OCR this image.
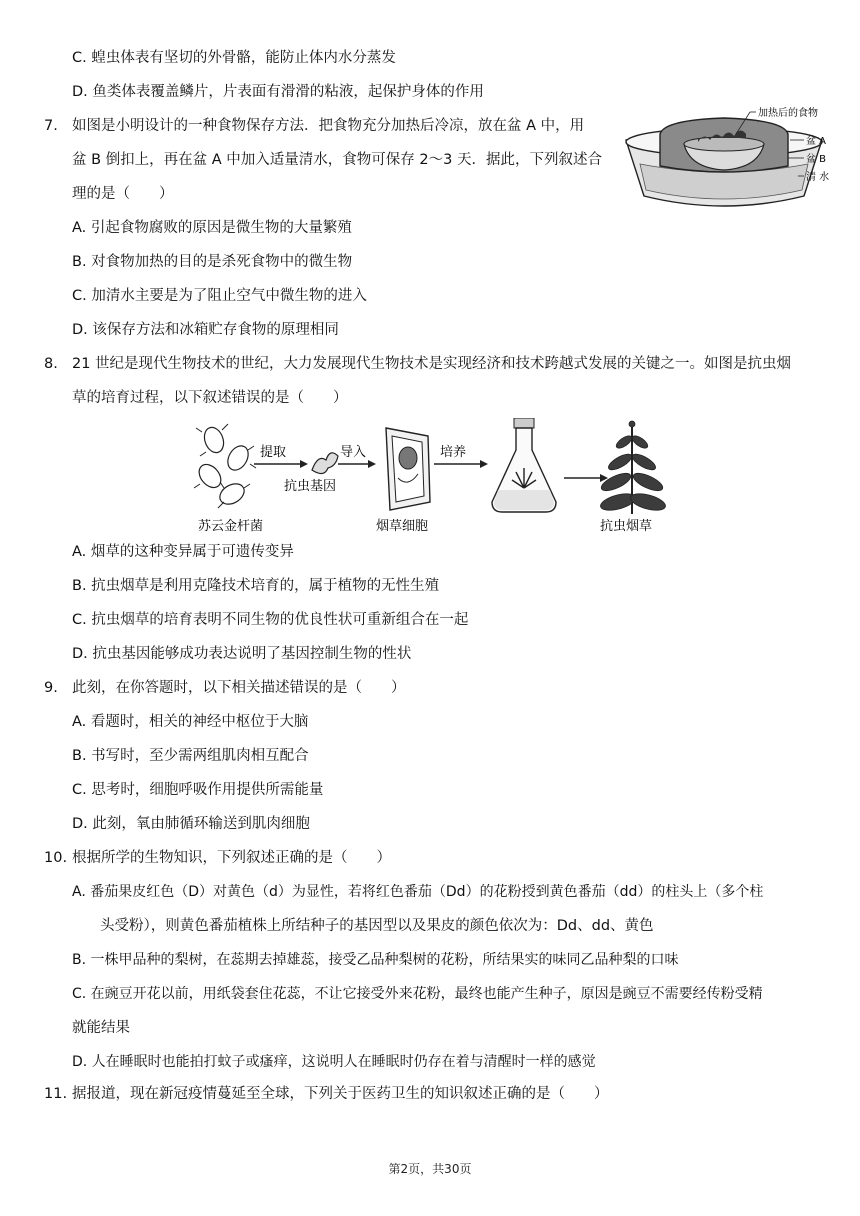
C. 蝗虫体表有坚切的外骨骼，能防止体内水分蒸发
D. 鱼类体表覆盖鳞片，片表面有滑滑的粘液，起保护身体的作用
7. 如图是小明设计的一种食物保存方法．把食物充分加热后冷凉，放在盆 A 中，用
盆 B 倒扣上，再在盆 A 中加入适量清水，食物可保存 2～3 天．据此，下列叙述合
理的是（　　）
加热后的食物
盆 A
盆 B
清 水
A. 引起食物腐败的原因是微生物的大量繁殖
B. 对食物加热的目的是杀死食物中的微生物
C. 加清水主要是为了阻止空气中微生物的进入
D. 该保存方法和冰箱贮存食物的原理相同
8. 21 世纪是现代生物技术的世纪，大力发展现代生物技术是实现经济和技术跨越式发展的关键之一。如图是抗虫烟
草的培育过程，以下叙述错误的是（　　）
提取
抗虫基因
导入	培养
苏云金杆菌	烟草细胞	抗虫烟草
A. 烟草的这种变异属于可遗传变异
B. 抗虫烟草是利用克隆技术培育的，属于植物的无性生殖
C. 抗虫烟草的培育表明不同生物的优良性状可重新组合在一起
D. 抗虫基因能够成功表达说明了基因控制生物的性状
9. 此刻，在你答题时，以下相关描述错误的是（　　）
A. 看题时，相关的神经中枢位于大脑
B. 书写时，至少需两组肌肉相互配合
C. 思考时，细胞呼吸作用提供所需能量
D. 此刻，氧由肺循环输送到肌肉细胞
10. 根据所学的生物知识，下列叙述正确的是（　　）
A. 番茄果皮红色（D）对黄色（d）为显性，若将红色番茄（Dd）的花粉授到黄色番茄（dd）的柱头上（多个柱
头受粉），则黄色番茄植株上所结种子的基因型以及果皮的颜色依次为：Dd、dd、黄色
B. 一株甲品种的梨树，在蕊期去掉雄蕊，接受乙品种梨树的花粉，所结果实的味同乙品种梨的口味
C. 在豌豆开花以前，用纸袋套住花蕊，不让它接受外来花粉，最终也能产生种子，原因是豌豆不需要经传粉受精
就能结果
D. 人在睡眠时也能拍打蚊子或瘙痒，这说明人在睡眠时仍存在着与清醒时一样的感觉
11. 据报道，现在新冠疫情蔓延至全球，下列关于医药卫生的知识叙述正确的是（　　）
第2页，共30页
